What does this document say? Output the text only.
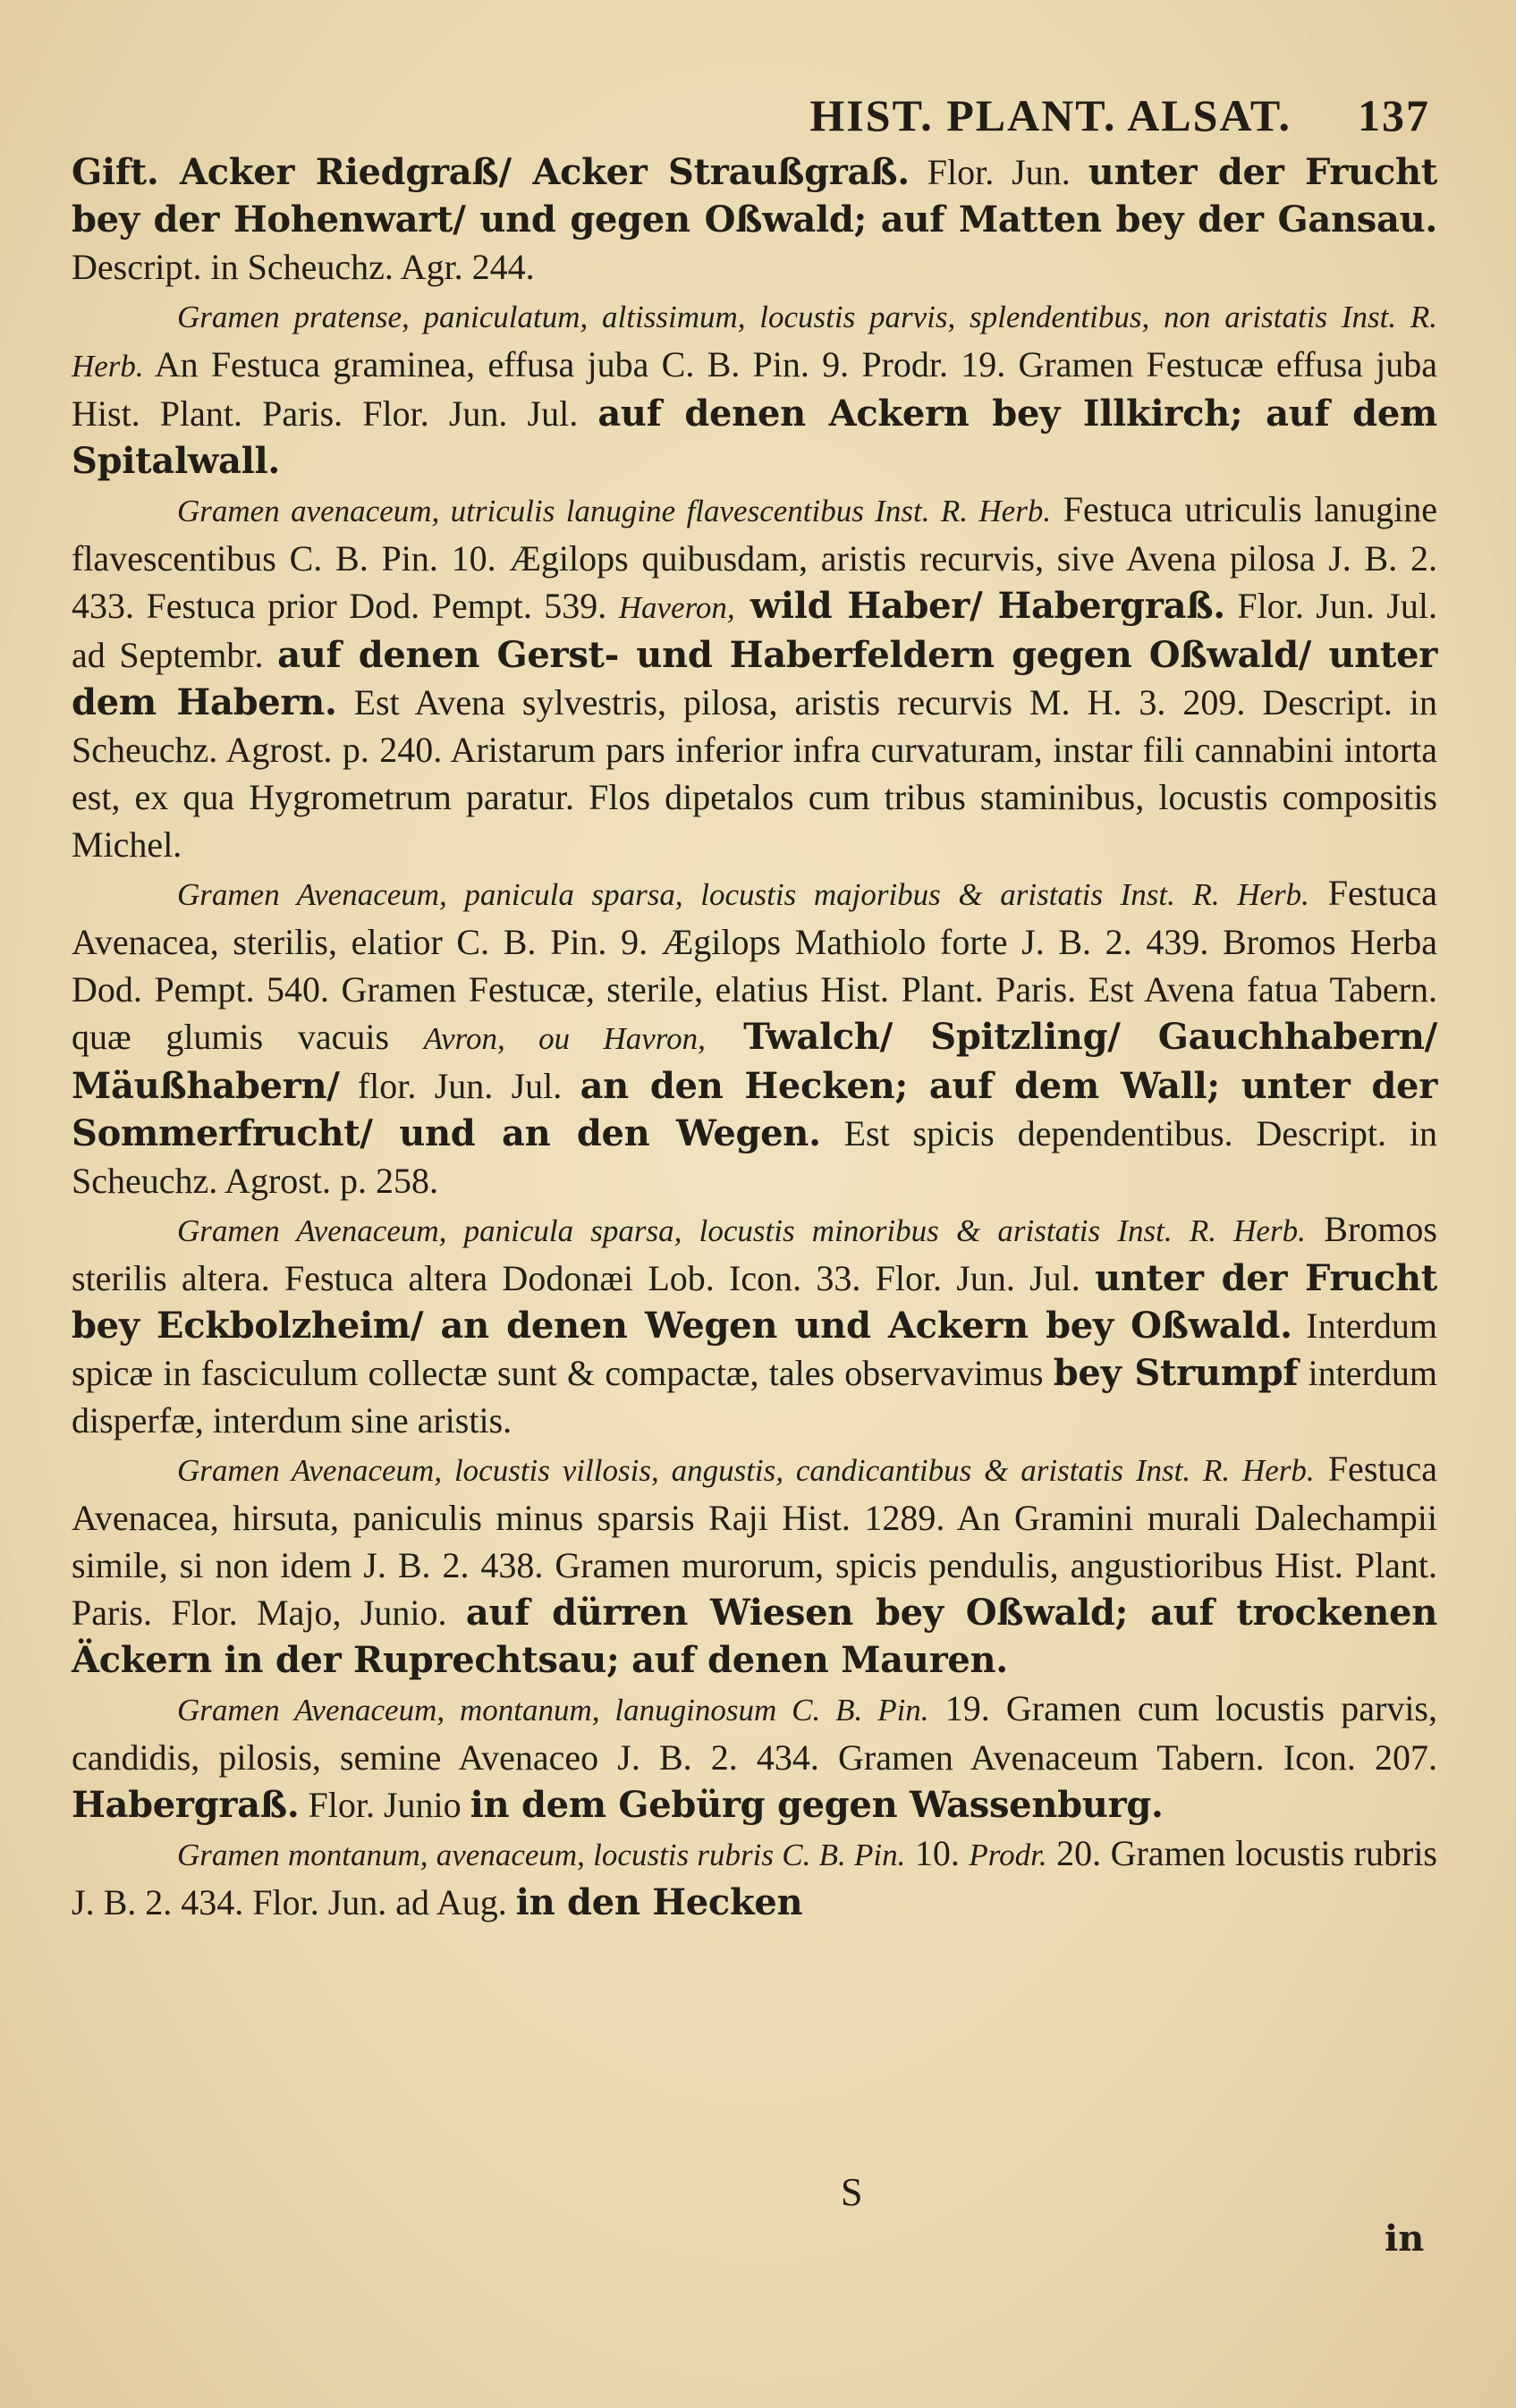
HIST. PLANT. ALSAT. 137

Gift. Acker Riedgraß/ Acker Straußgraß. Flor. Jun. unter der Frucht bey der Hohenwart/ und gegen Oßwald; auf Matten bey der Gansau. Descript. in Scheuchz. Agr. 244.

Gramen pratense, paniculatum, altissimum, locustis parvis, splendentibus, non aristatis Inst. R. Herb. An Festuca graminea, effusa juba C. B. Pin. 9. Prodr. 19. Gramen Festucæ effusa juba Hist. Plant. Paris. Flor. Jun. Jul. auf denen Ackern bey Illkirch; auf dem Spitalwall.

Gramen avenaceum, utriculis lanugine flavescentibus Inst. R. Herb. Festuca utriculis lanugine flavescentibus C. B. Pin. 10. Ægilops quibusdam, aristis recurvis, sive Avena pilosa J. B. 2. 433. Festuca prior Dod. Pempt. 539. Haveron, wild Haber/ Habergraß. Flor. Jun. Jul. ad Septembr. auf denen Gerst- und Haberfeldern gegen Oßwald/ unter dem Habern. Est Avena sylvestris, pilosa, aristis recurvis M. H. 3. 209. Descript. in Scheuchz. Agrost. p. 240. Aristarum pars inferior infra curvaturam, instar fili cannabini intorta est, ex qua Hygrometrum paratur. Flos dipetalos cum tribus staminibus, locustis compositis Michel.

Gramen Avenaceum, panicula sparsa, locustis majoribus & aristatis Inst. R. Herb. Festuca Avenacea, sterilis, elatior C. B. Pin. 9. Ægilops Mathiolo forte J. B. 2. 439. Bromos Herba Dod. Pempt. 540. Gramen Festucæ, sterile, elatius Hist. Plant. Paris. Est Avena fatua Tabern. quæ glumis vacuis Avron, ou Havron, Twalch/ Spitzling/ Gauchhabern/ Mäußhabern/ flor. Jun. Jul. an den Hecken; auf dem Wall; unter der Sommerfrucht/ und an den Wegen. Est spicis dependentibus. Descript. in Scheuchz. Agrost. p. 258.

Gramen Avenaceum, panicula sparsa, locustis minoribus & aristatis Inst. R. Herb. Bromos sterilis altera. Festuca altera Dodonæi Lob. Icon. 33. Flor. Jun. Jul. unter der Frucht bey Eckbolzheim/ an denen Wegen und Ackern bey Oßwald. Interdum spicæ in fasciculum collectæ sunt & compactæ, tales observavimus bey Strumpf interdum disperfæ, interdum sine aristis.

Gramen Avenaceum, locustis villosis, angustis, candicantibus & aristatis Inst. R. Herb. Festuca Avenacea, hirsuta, paniculis minus sparsis Raji Hist. 1289. An Gramini murali Dalechampii simile, si non idem J. B. 2. 438. Gramen murorum, spicis pendulis, angustioribus Hist. Plant. Paris. Flor. Majo, Junio. auf dürren Wiesen bey Oßwald; auf trockenen Äckern in der Ruprechtsau; auf denen Mauren.

Gramen Avenaceum, montanum, lanuginosum C. B. Pin. 19. Gramen cum locustis parvis, candidis, pilosis, semine Avenaceo J. B. 2. 434. Gramen Avenaceum Tabern. Icon. 207. Habergraß. Flor. Junio in dem Gebürg gegen Wassenburg.

Gramen montanum, avenaceum, locustis rubris C. B. Pin. 10. Prodr. 20. Gramen locustis rubris J. B. 2. 434. Flor. Jun. ad Aug. in den Hecken

S
in
